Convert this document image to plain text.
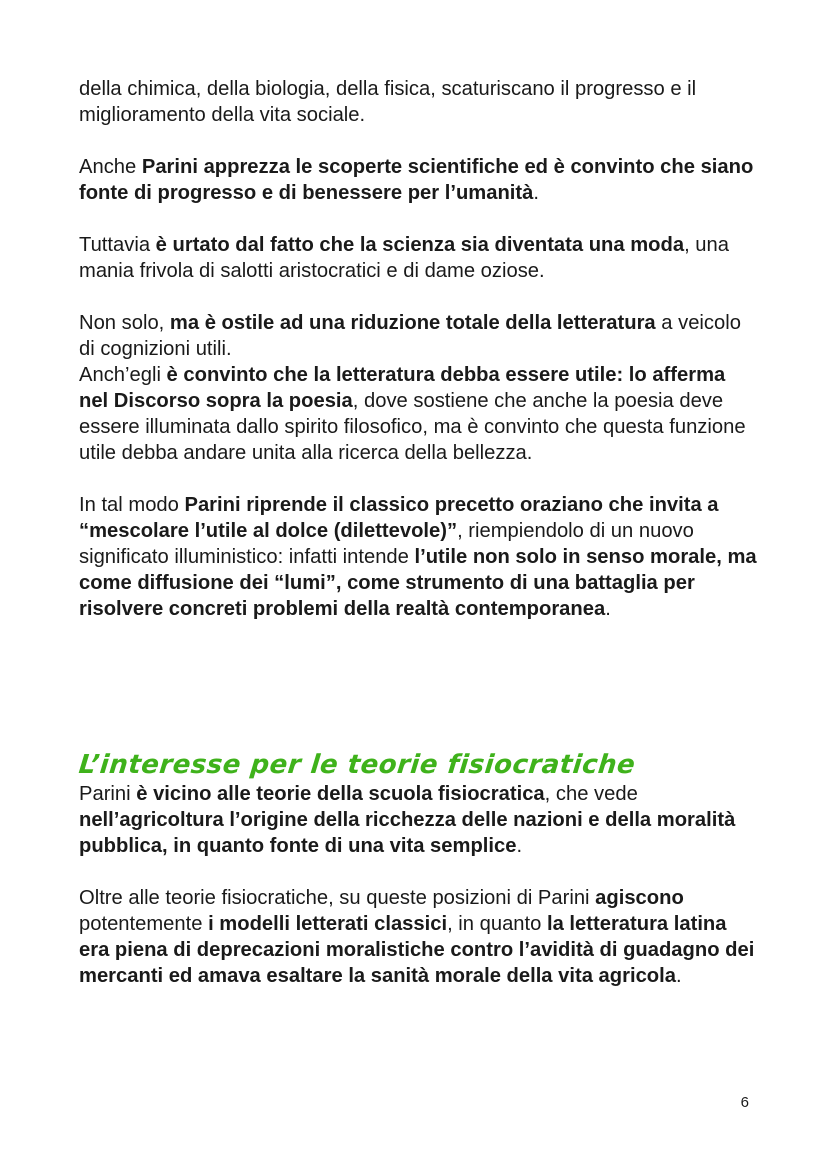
della chimica, della biologia, della fisica, scaturiscano il progresso e il miglioramento della vita sociale.

Anche Parini apprezza le scoperte scientifiche ed è convinto che siano fonte di progresso e di benessere per l’umanità.

Tuttavia è urtato dal fatto che la scienza sia diventata una moda, una mania frivola di salotti aristocratici e di dame oziose.

Non solo, ma è ostile ad una riduzione totale della letteratura a veicolo di cognizioni utili.

Anch’egli è convinto che la letteratura debba essere utile: lo afferma nel Discorso sopra la poesia, dove sostiene che anche la poesia deve essere illuminata dallo spirito filosofico, ma è convinto che questa funzione utile debba andare unita alla ricerca della bellezza.

In tal modo Parini riprende il classico precetto oraziano che invita a “mescolare l’utile al dolce (dilettevole)”, riempiendolo di un nuovo significato illuministico: infatti intende l’utile non solo in senso morale, ma come diffusione dei “lumi”, come strumento di una battaglia per risolvere concreti problemi della realtà contemporanea.

L’interesse per le teorie fisiocratiche

Parini è vicino alle teorie della scuola fisiocratica, che vede nell’agricoltura l’origine della ricchezza delle nazioni e della moralità pubblica, in quanto fonte di una vita semplice.

Oltre alle teorie fisiocratiche, su queste posizioni di Parini agiscono potentemente i modelli letterati classici, in quanto la letteratura latina era piena di deprecazioni moralistiche contro l’avidità di guadagno dei mercanti ed amava esaltare la sanità morale della vita agricola.

6
